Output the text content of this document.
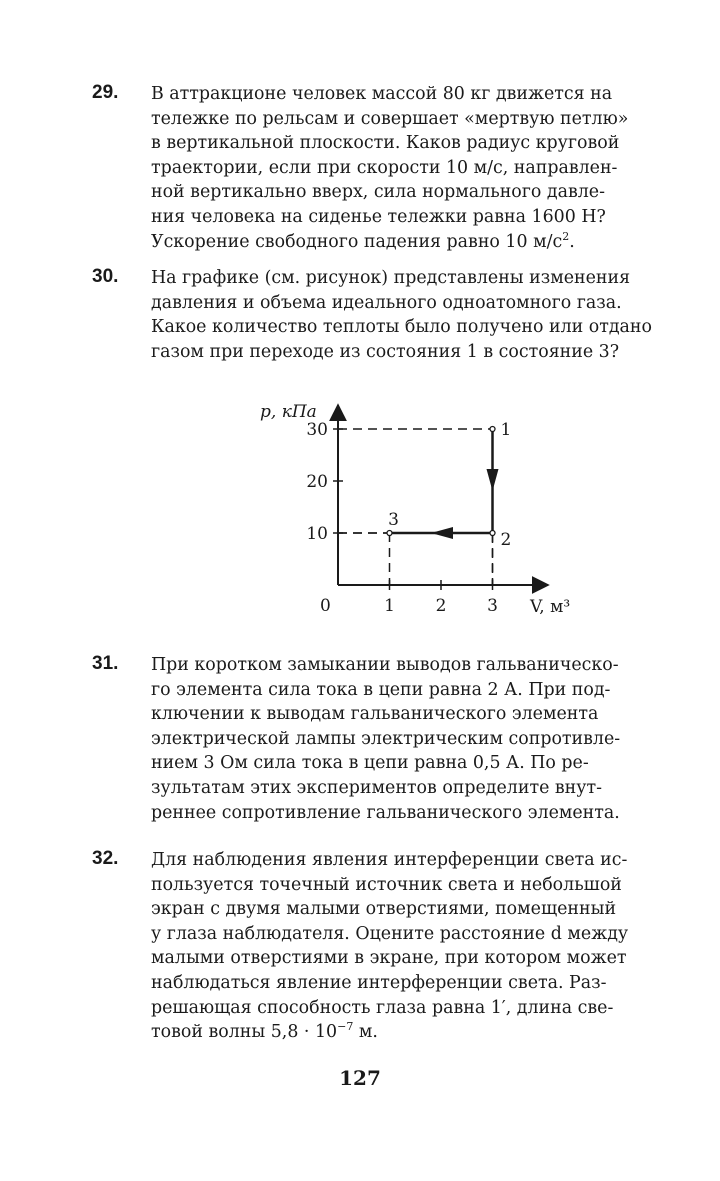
29. В аттракционе человек массой 80 кг движется на
тележке по рельсам и совершает «мертвую петлю»
в вертикальной плоскости. Каков радиус круговой
траектории, если при скорости 10 м/с, направлен-
ной вертикально вверх, сила нормального давле-
ния человека на сиденье тележки равна 1600 Н?
Ускорение свободного падения равно 10 $м/с^2$.
30. На графике (см. рисунок) представлены изменения
давления и объема идеального одноатомного газа.
Какое количество теплоты было получено или отдано
газом при переходе из состояния 1 в состояние 3?
p, кПа
V, м³
0	1 2 3
10
20
30	1
2
3
31. При коротком замыкании выводов гальваническо-
го элемента сила тока в цепи равна 2 А. При под-
ключении к выводам гальванического элемента
электрической лампы электрическим сопротивле-
нием 3 Ом сила тока в цепи равна 0,5 А. По ре-
зультатам этих экспериментов определите внут-
реннее сопротивление гальванического элемента.
32. Для наблюдения явления интерференции света ис-
пользуется точечный источник света и небольшой
экран с двумя малыми отверстиями, помещенный
у глаза наблюдателя. Оцените расстояние d между
малыми отверстиями в экране, при котором может
наблюдаться явление интерференции света. Раз-
решающая способность глаза равна 1′, длина све-
товой волны $5,8 \cdot 10^{-7}$ м.
127
